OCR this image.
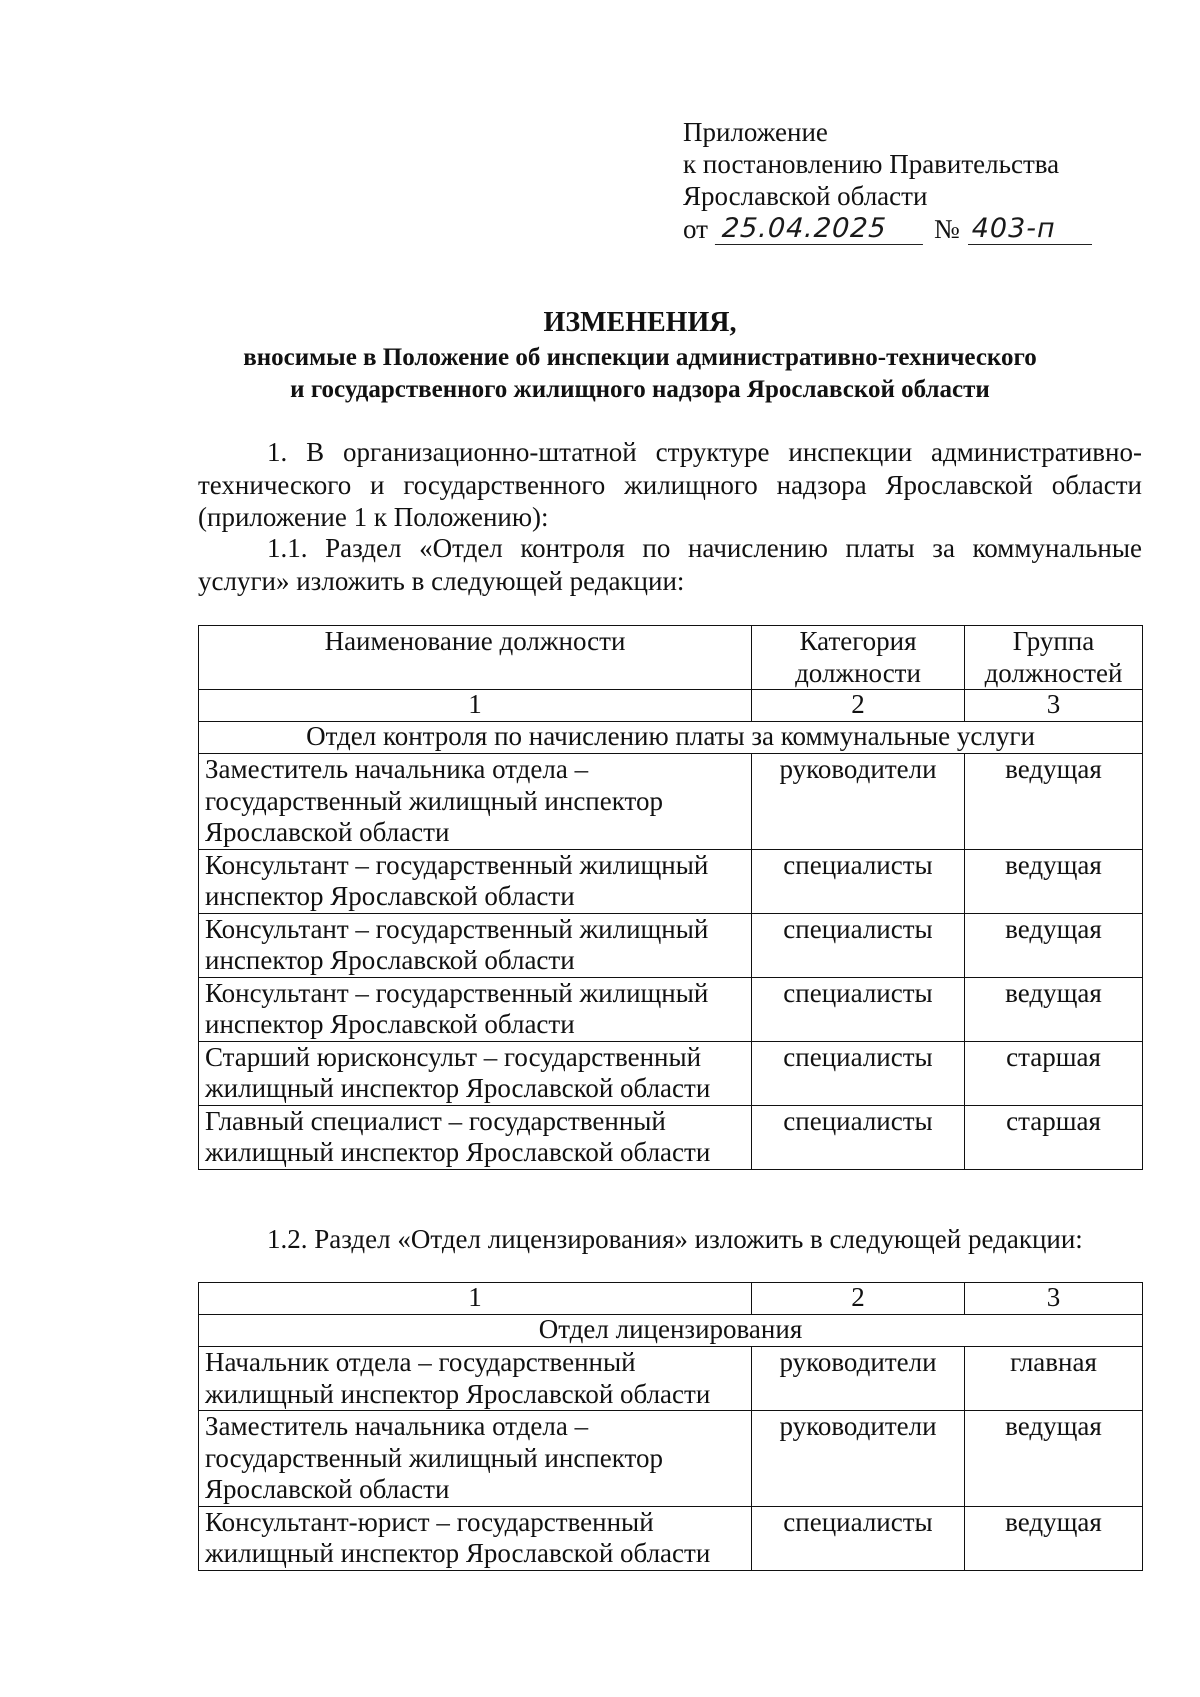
Приложение
к постановлению Правительства
Ярославской области
от 25.04.2025	№ 403-п
ИЗМЕНЕНИЯ,
вносимые в Положение об инспекции административно-технического
и государственного жилищного надзора Ярославской области
1. В организационно-штатной структуре инспекции административно-технического и государственного жилищного надзора Ярославской области (приложение 1 к Положению):
1.1. Раздел «Отдел контроля по начислению платы за коммунальные услуги» изложить в следующей редакции:
Наименование должности	Категория должности	Группа должностей
1	2	3
Отдел контроля по начислению платы за коммунальные услуги		
Заместитель начальника отдела – государственный жилищный инспектор Ярославской области	руководители	ведущая
Консультант – государственный жилищный инспектор Ярославской области	специалисты	ведущая
Консультант – государственный жилищный инспектор Ярославской области	специалисты	ведущая
Консультант – государственный жилищный инспектор Ярославской области	специалисты	ведущая
Старший юрисконсульт – государственный жилищный инспектор Ярославской области	специалисты	старшая
Главный специалист – государственный жилищный инспектор Ярославской области	специалисты	старшая
1.2. Раздел «Отдел лицензирования» изложить в следующей редакции:
1	2	3
Отдел лицензирования		
Начальник отдела – государственный жилищный инспектор Ярославской области	руководители	главная
Заместитель начальника отдела – государственный жилищный инспектор Ярославской области	руководители	ведущая
Консультант-юрист – государственный жилищный инспектор Ярославской области	специалисты	ведущая
